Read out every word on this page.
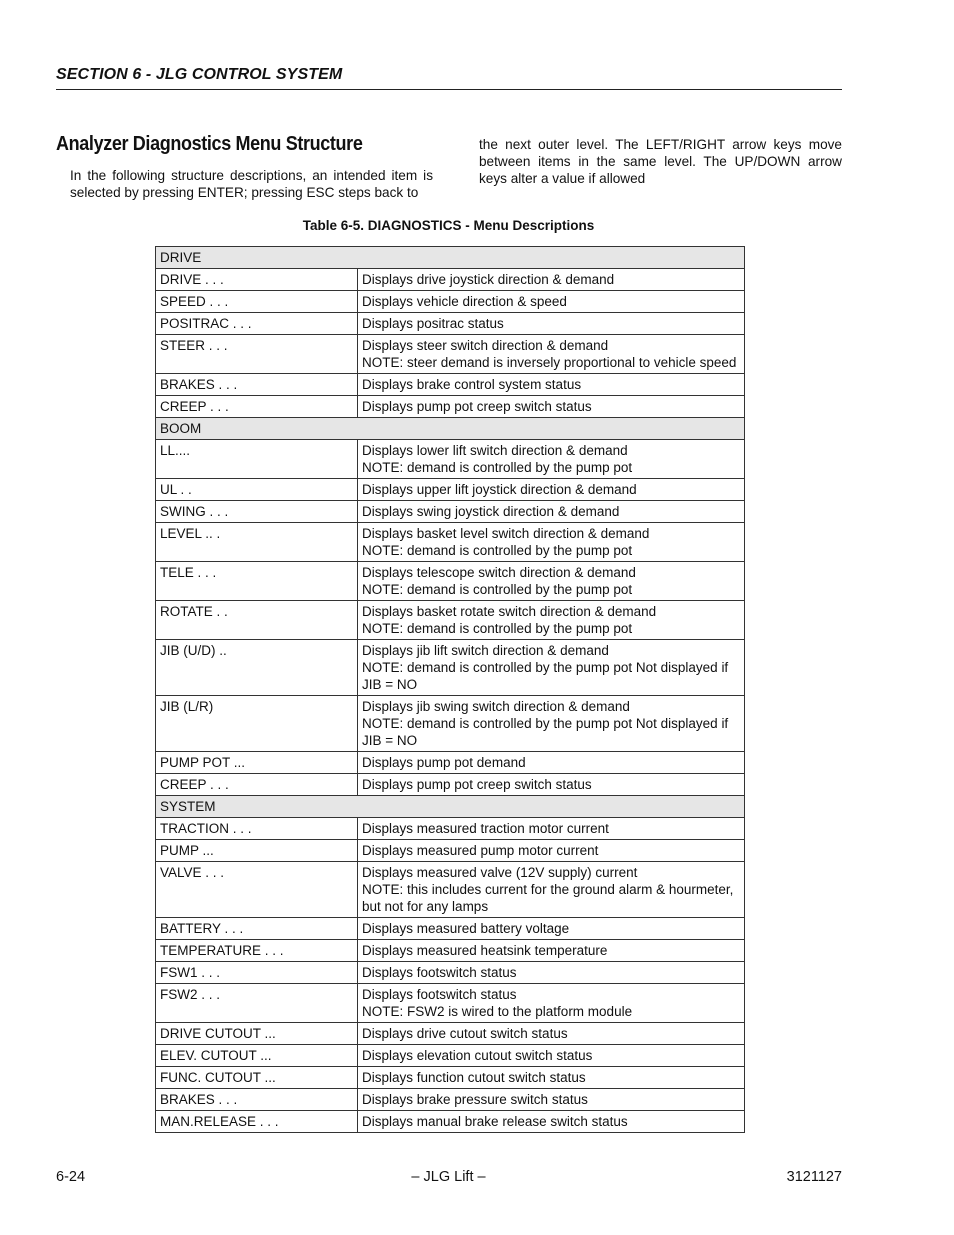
SECTION 6 - JLG CONTROL SYSTEM
Analyzer Diagnostics Menu Structure
In the following structure descriptions, an intended item is selected by pressing ENTER; pressing ESC steps back to
the next outer level. The LEFT/RIGHT arrow keys move between items in the same level. The UP/DOWN arrow keys alter a value if allowed
Table 6-5. DIAGNOSTICS - Menu Descriptions
DRIVE	
DRIVE . . .	Displays drive joystick direction & demand

SPEED . . .	Displays vehicle direction & speed

POSITRAC . . .	Displays positrac status

STEER . . .	Displays steer switch direction & demand
NOTE: steer demand is inversely proportional to vehicle speed

BRAKES . . .	Displays brake control system status

CREEP . . .	Displays pump pot creep switch status

BOOM	
LL....	Displays lower lift switch direction & demand
NOTE: demand is controlled by the pump pot

UL . .	Displays upper lift joystick direction & demand

SWING . . .	Displays swing joystick direction & demand

LEVEL .. .	Displays basket level switch direction & demand
NOTE: demand is controlled by the pump pot

TELE . . .	Displays telescope switch direction & demand
NOTE: demand is controlled by the pump pot

ROTATE . .	Displays basket rotate switch direction & demand
NOTE: demand is controlled by the pump pot

JIB (U/D) ..	Displays jib lift switch direction & demand
NOTE: demand is controlled by the pump pot Not displayed if JIB = NO

JIB (L/R)	Displays jib swing switch direction & demand
NOTE: demand is controlled by the pump pot Not displayed if JIB = NO

PUMP POT ...	Displays pump pot demand

CREEP . . .	Displays pump pot creep switch status

SYSTEM	
TRACTION . . .	Displays measured traction motor current

PUMP ...	Displays measured pump motor current

VALVE . . .	Displays measured valve (12V supply) current
NOTE: this includes current for the ground alarm & hourmeter, but not for any lamps

BATTERY . . .	Displays measured battery voltage

TEMPERATURE . . .	Displays measured heatsink temperature

FSW1 . . .	Displays footswitch status

FSW2 . . .	Displays footswitch status
NOTE: FSW2 is wired to the platform module

DRIVE CUTOUT ...	Displays drive cutout switch status

ELEV. CUTOUT ...	Displays elevation cutout switch status

FUNC. CUTOUT ...	Displays function cutout switch status

BRAKES . . .	Displays brake pressure switch status

MAN.RELEASE . . .	Displays manual brake release switch status
6-24	– JLG Lift –	3121127
